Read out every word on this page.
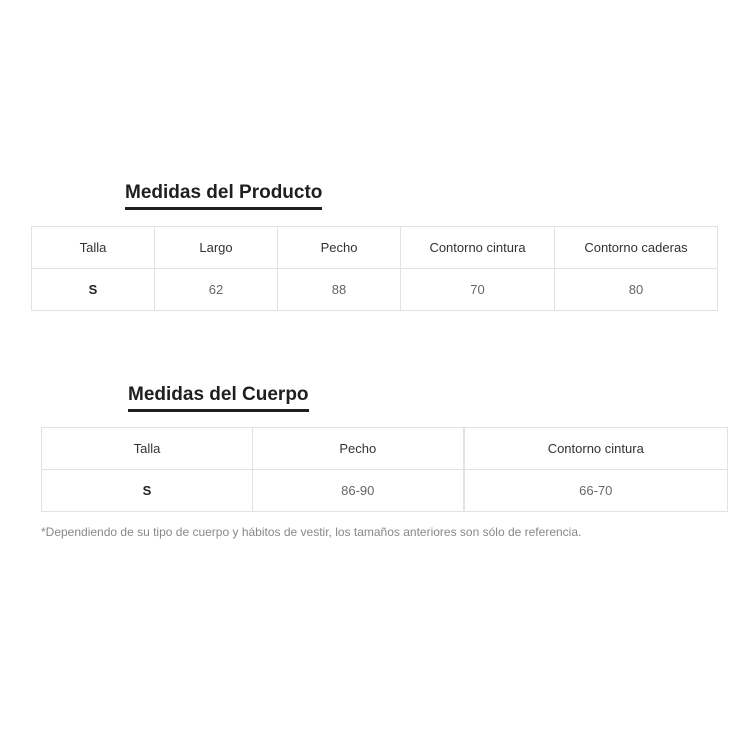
Medidas del Producto
Talla	Largo	Pecho	Contorno cintura	Contorno caderas
S	62	88	70	80
Medidas del Cuerpo
Talla	Pecho	Contorno cintura
S	86-90	66-70

*Dependiendo de su tipo de cuerpo y hábitos de vestir, los tamaños anteriores son sólo de referencia.
